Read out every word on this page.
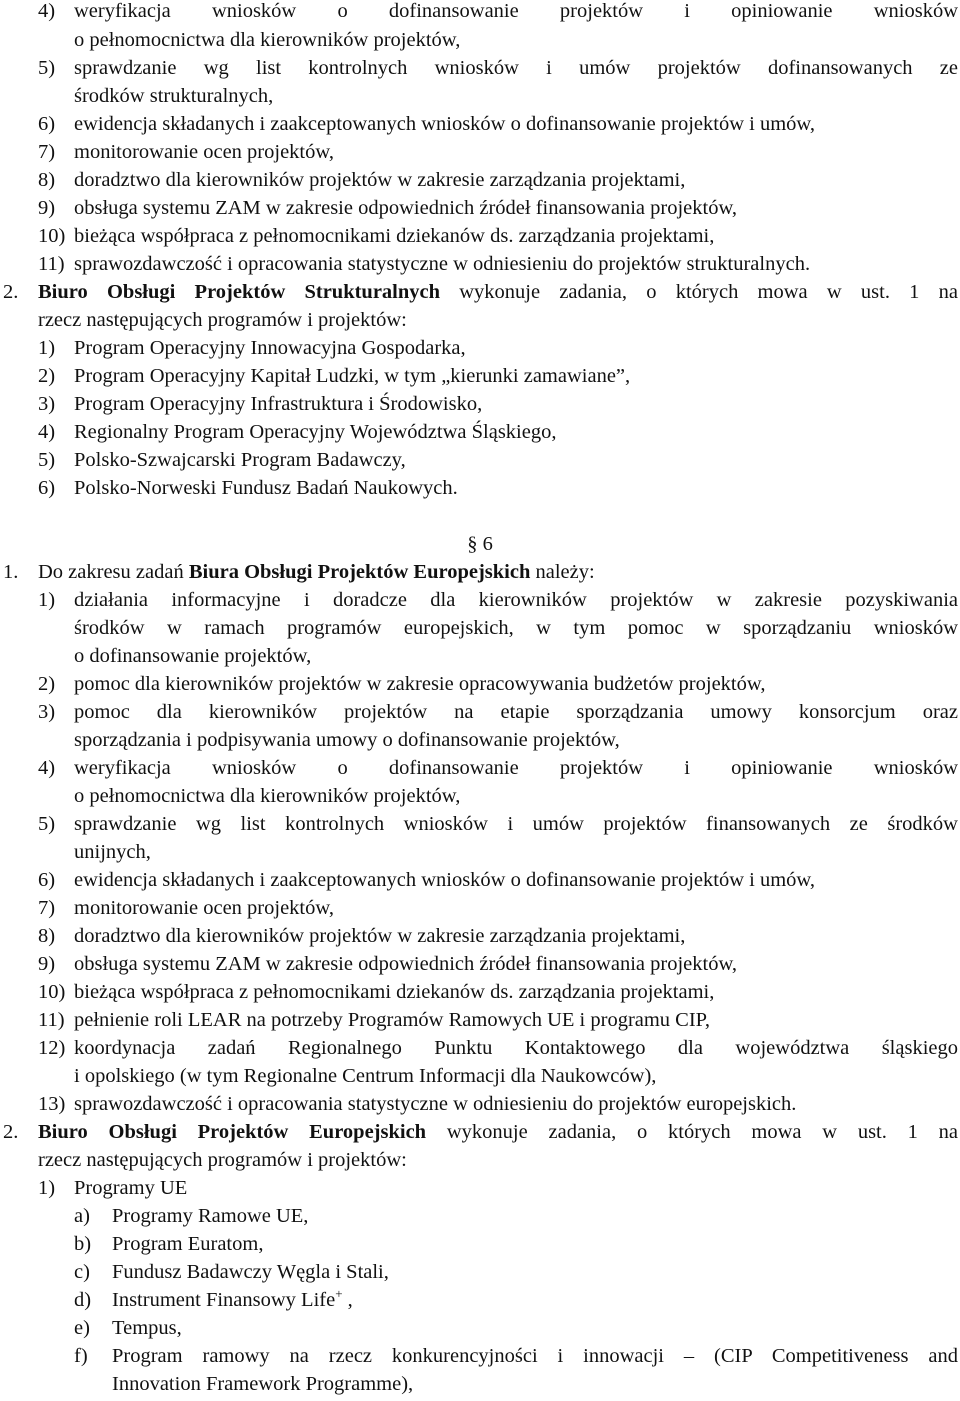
4) weryfikacja wniosków o dofinansowanie projektów i opiniowanie wniosków
o pełnomocnictwa dla kierowników projektów,
5) sprawdzanie wg list kontrolnych wniosków i umów projektów dofinansowanych ze
środków strukturalnych,
6) ewidencja składanych i zaakceptowanych wniosków o dofinansowanie projektów i umów,
7) monitorowanie ocen projektów,
8) doradztwo dla kierowników projektów w zakresie zarządzania projektami,
9) obsługa systemu ZAM w zakresie odpowiednich źródeł finansowania projektów,
10) bieżąca współpraca z pełnomocnikami dziekanów ds. zarządzania projektami,
11) sprawozdawczość i opracowania statystyczne w odniesieniu do projektów strukturalnych.
2. Biuro Obsługi Projektów Strukturalnych wykonuje zadania, o których mowa w ust. 1 na
rzecz następujących programów i projektów:
1) Program Operacyjny Innowacyjna Gospodarka,
2) Program Operacyjny Kapitał Ludzki, w tym „kierunki zamawiane”,
3) Program Operacyjny Infrastruktura i Środowisko,
4) Regionalny Program Operacyjny Województwa Śląskiego,
5) Polsko-Szwajcarski Program Badawczy,
6) Polsko-Norweski Fundusz Badań Naukowych.
§ 6
1. Do zakresu zadań Biura Obsługi Projektów Europejskich należy:
1) działania informacyjne i doradcze dla kierowników projektów w zakresie pozyskiwania
środków w ramach programów europejskich, w tym pomoc w sporządzaniu wniosków
o dofinansowanie projektów,
2) pomoc dla kierowników projektów w zakresie opracowywania budżetów projektów,
3) pomoc dla kierowników projektów na etapie sporządzania umowy konsorcjum oraz
sporządzania i podpisywania umowy o dofinansowanie projektów,
4) weryfikacja wniosków o dofinansowanie projektów i opiniowanie wniosków
o pełnomocnictwa dla kierowników projektów,
5) sprawdzanie wg list kontrolnych wniosków i umów projektów finansowanych ze środków
unijnych,
6) ewidencja składanych i zaakceptowanych wniosków o dofinansowanie projektów i umów,
7) monitorowanie ocen projektów,
8) doradztwo dla kierowników projektów w zakresie zarządzania projektami,
9) obsługa systemu ZAM w zakresie odpowiednich źródeł finansowania projektów,
10) bieżąca współpraca z pełnomocnikami dziekanów ds. zarządzania projektami,
11) pełnienie roli LEAR na potrzeby Programów Ramowych UE i programu CIP,
12) koordynacja zadań Regionalnego Punktu Kontaktowego dla województwa śląskiego
i opolskiego (w tym Regionalne Centrum Informacji dla Naukowców),
13) sprawozdawczość i opracowania statystyczne w odniesieniu do projektów europejskich.
2. Biuro Obsługi Projektów Europejskich wykonuje zadania, o których mowa w ust. 1 na
rzecz następujących programów i projektów:
1) Programy UE
a) Programy Ramowe UE,
b) Program Euratom,
c) Fundusz Badawczy Węgla i Stali,
d) Instrument Finansowy Life+ ,
e) Tempus,
f) Program ramowy na rzecz konkurencyjności i innowacji – (CIP Competitiveness and
Innovation Framework Programme),
